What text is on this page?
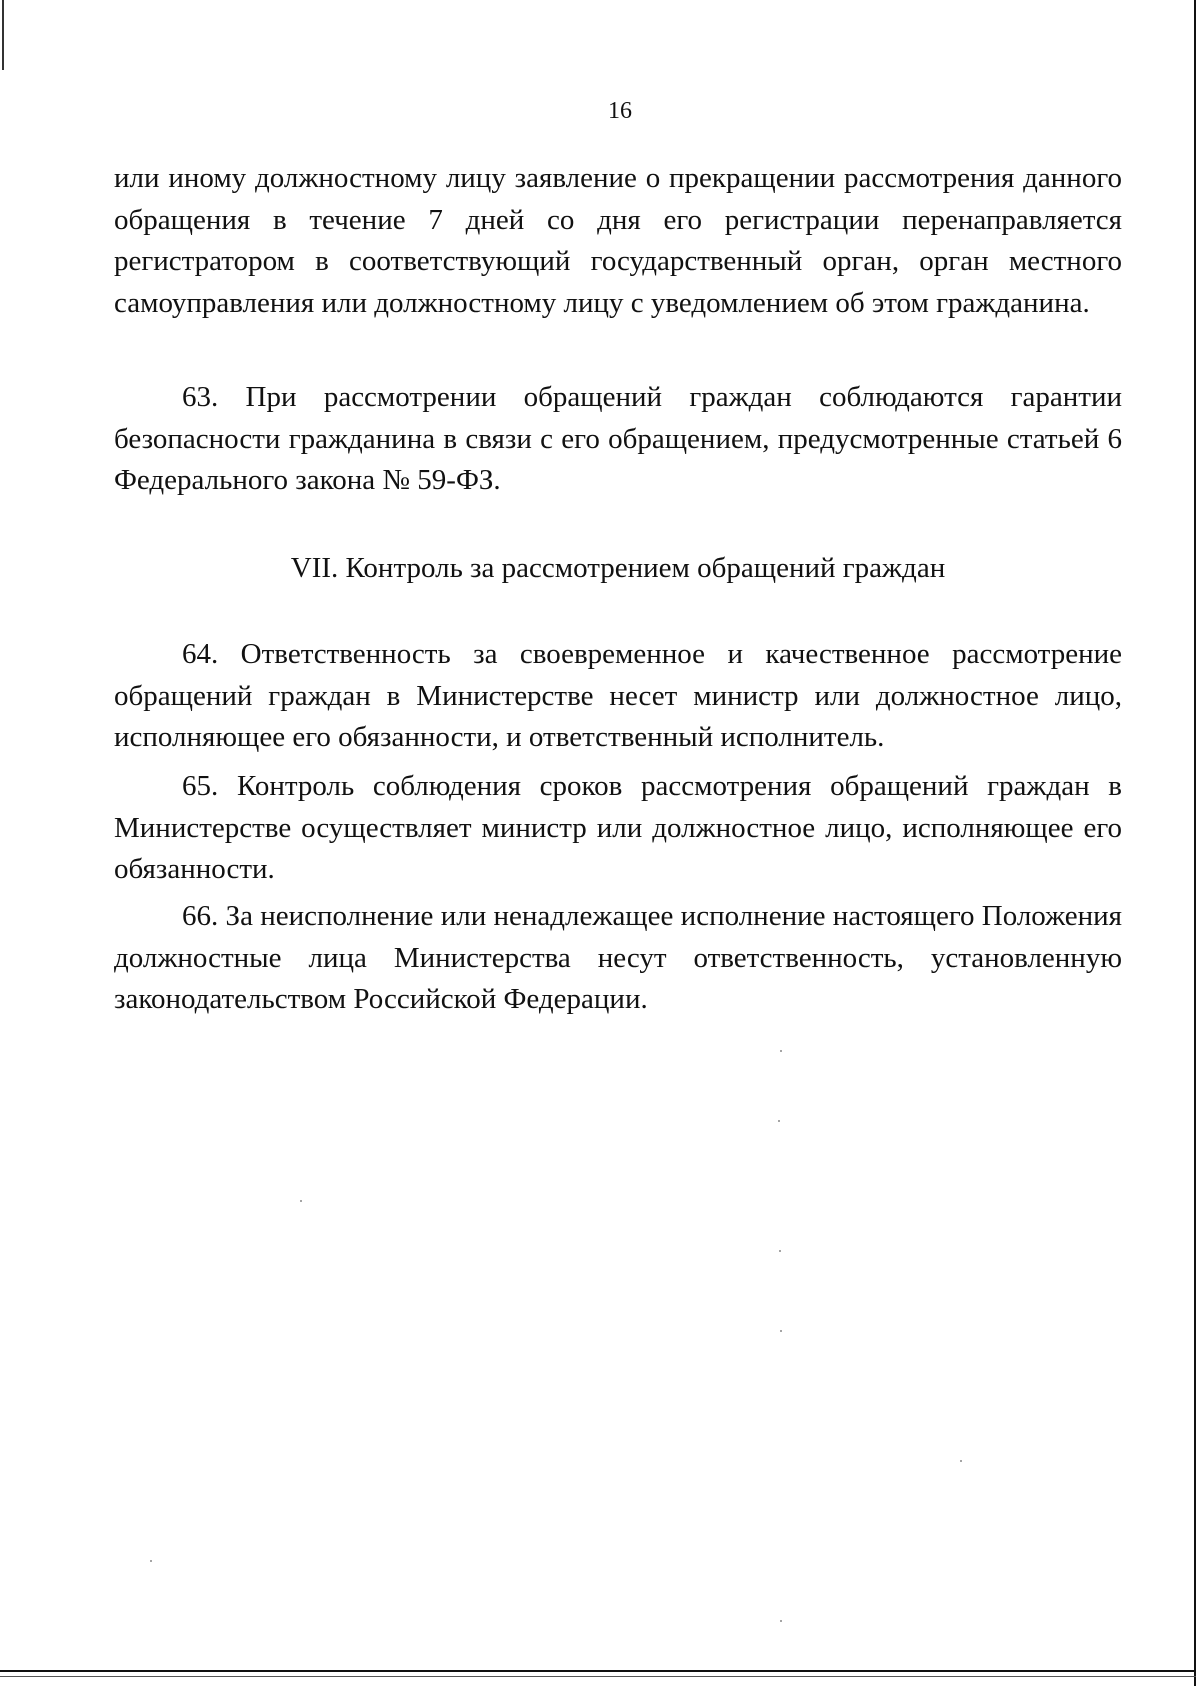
16

или иному должностному лицу заявление о прекращении рассмотрения данного обращения в течение 7 дней со дня его регистрации перенаправляется регистратором в соответствующий государственный орган, орган местного самоуправления или должностному лицу с уведомлением об этом гражданина.

63. При рассмотрении обращений граждан соблюдаются гарантии безопасности гражданина в связи с его обращением, предусмотренные статьей 6 Федерального закона № 59-ФЗ.

VII. Контроль за рассмотрением обращений граждан

64. Ответственность за своевременное и качественное рассмотрение обращений граждан в Министерстве несет министр или должностное лицо, исполняющее его обязанности, и ответственный исполнитель.

65. Контроль соблюдения сроков рассмотрения обращений граждан в Министерстве осуществляет министр или должностное лицо, исполняющее его обязанности.

66. За неисполнение или ненадлежащее исполнение настоящего Положения должностные лица Министерства несут ответственность, установленную законодательством Российской Федерации.
